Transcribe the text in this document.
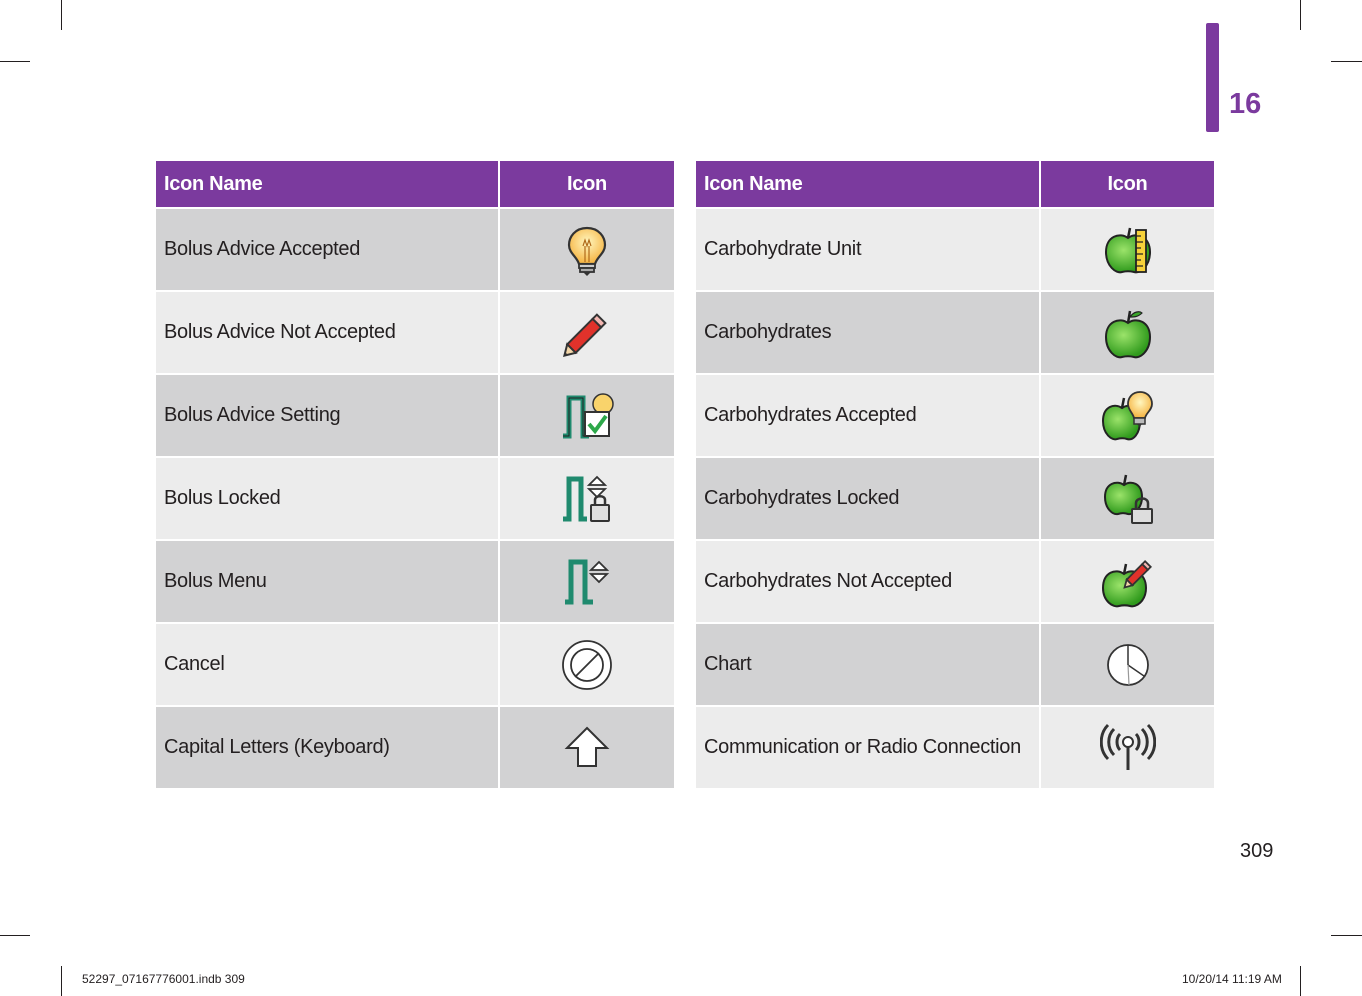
16
Icon Name	Icon
Bolus Advice Accepted	

Bolus Advice Not Accepted	

Bolus Advice Setting	

Bolus Locked	

Bolus Menu	

Cancel	

Capital Letters (Keyboard)	
Icon Name	Icon
Carbohydrate Unit	

Carbohydrates	

Carbohydrates Accepted	

Carbohydrates Locked	

Carbohydrates Not Accepted	

Chart	

Communication or Radio Connection	
309
52297_07167776001.indb 309	10/20/14 11:19 AM
